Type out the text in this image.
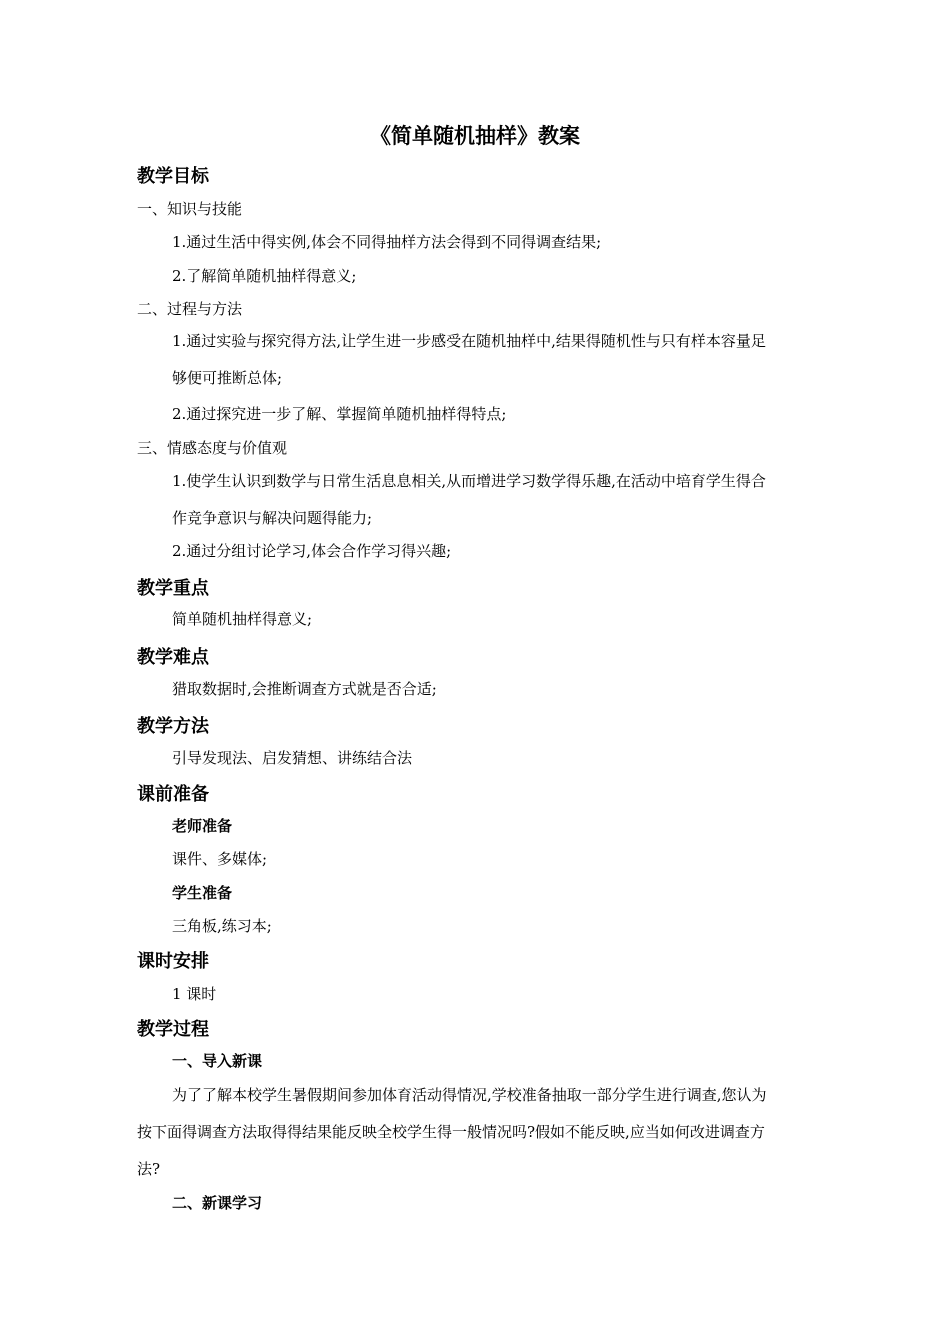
《简单随机抽样》教案
教学目标
一、知识与技能
1.通过生活中得实例,体会不同得抽样方法会得到不同得调查结果;
2.了解简单随机抽样得意义;
二、过程与方法
1.通过实验与探究得方法,让学生进一步感受在随机抽样中,结果得随机性与只有样本容量足
够便可推断总体;
2.通过探究进一步了解、掌握简单随机抽样得特点;
三、情感态度与价值观
1.使学生认识到数学与日常生活息息相关,从而增进学习数学得乐趣,在活动中培育学生得合
作竞争意识与解决问题得能力;
2.通过分组讨论学习,体会合作学习得兴趣;
教学重点
简单随机抽样得意义;
教学难点
猎取数据时,会推断调查方式就是否合适;
教学方法
引导发现法、启发猜想、讲练结合法
课前准备
老师准备
课件、多媒体;
学生准备
三角板,练习本;
课时安排
1 课时
教学过程
一、导入新课
为了了解本校学生暑假期间参加体育活动得情况,学校准备抽取一部分学生进行调查,您认为
按下面得调查方法取得得结果能反映全校学生得一般情况吗?假如不能反映,应当如何改进调查方
法?
二、新课学习
